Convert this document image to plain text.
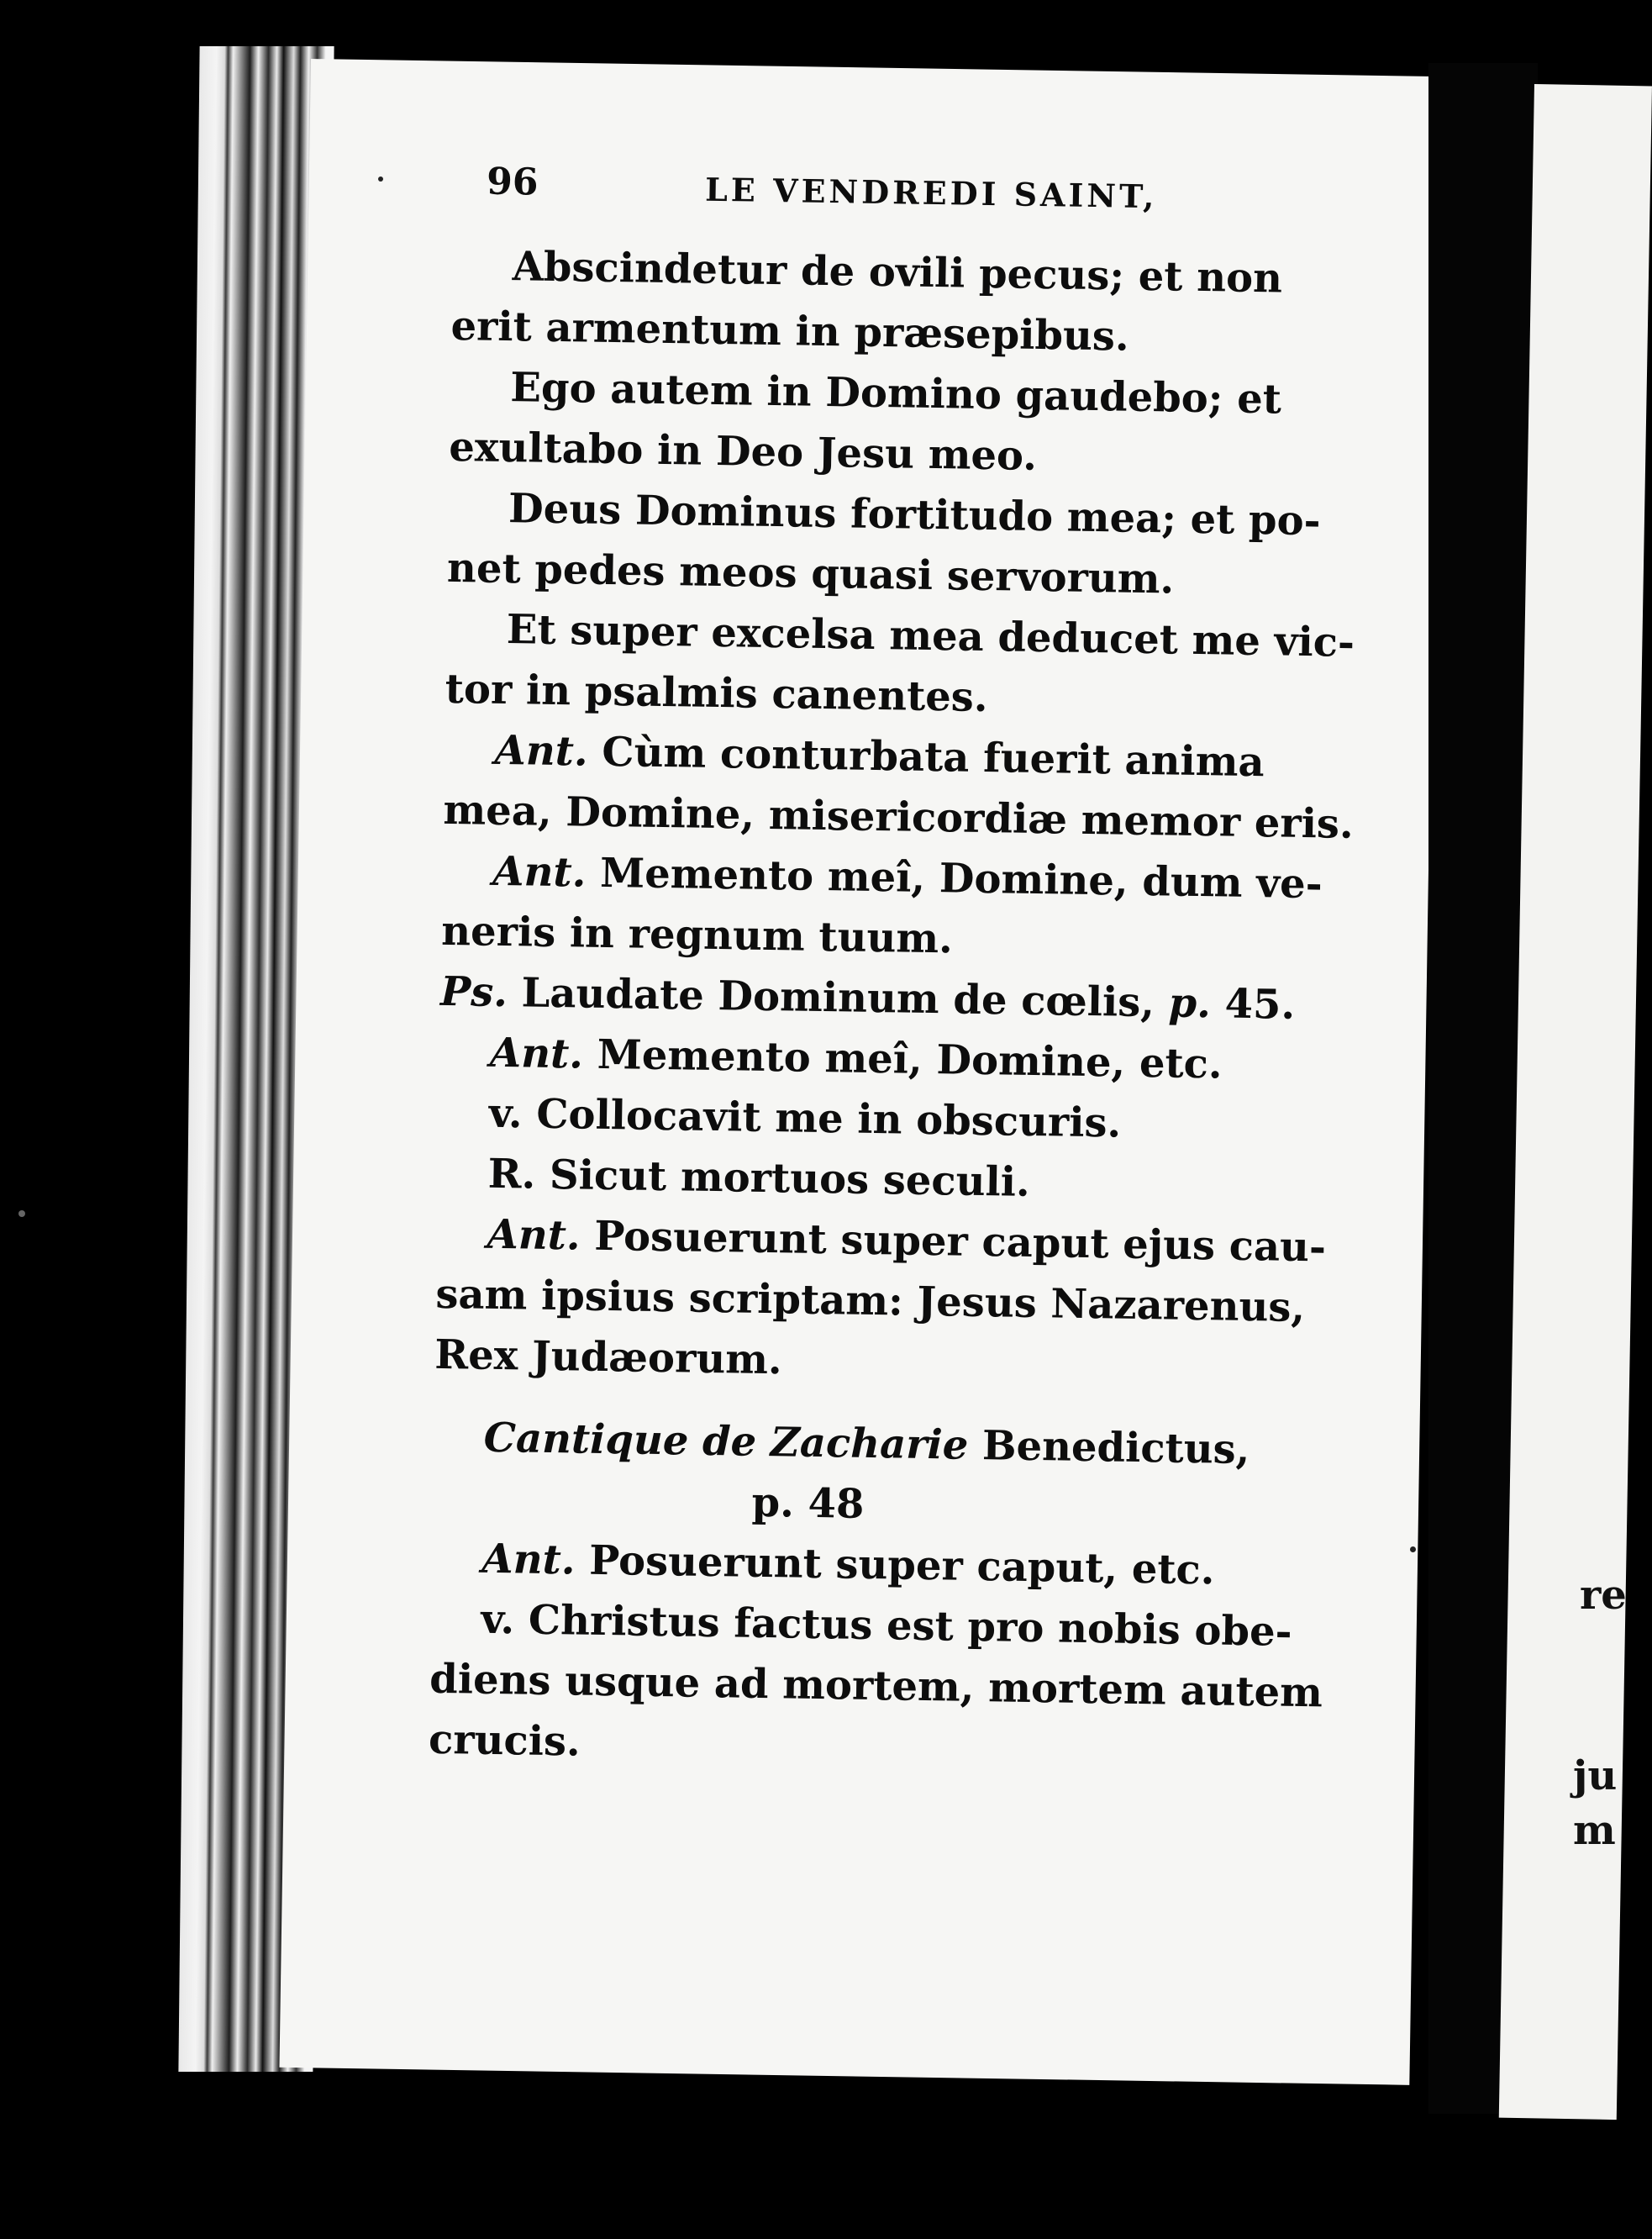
re
ju
m
96	LE VENDREDI SAINT,
Abscindetur de ovili pecus; et non
erit armentum in præsepibus.
Ego autem in Domino gaudebo; et
exultabo in Deo Jesu meo.
Deus Dominus fortitudo mea; et po-
net pedes meos quasi servorum.
Et super excelsa mea deducet me vic-
tor in psalmis canentes.
Ant. Cùm conturbata fuerit anima
mea, Domine, misericordiæ memor eris.
Ant. Memento meî, Domine, dum ve-
neris in regnum tuum.
Ps. Laudate Dominum de cœlis, p. 45.
Ant. Memento meî, Domine, etc.
v. Collocavit me in obscuris.
R. Sicut mortuos seculi.
Ant. Posuerunt super caput ejus cau-
sam ipsius scriptam: Jesus Nazarenus,
Rex Judæorum.
Cantique de Zacharie Benedictus,
p. 48
Ant. Posuerunt super caput, etc.
v. Christus factus est pro nobis obe-
diens usque ad mortem, mortem autem
crucis.
